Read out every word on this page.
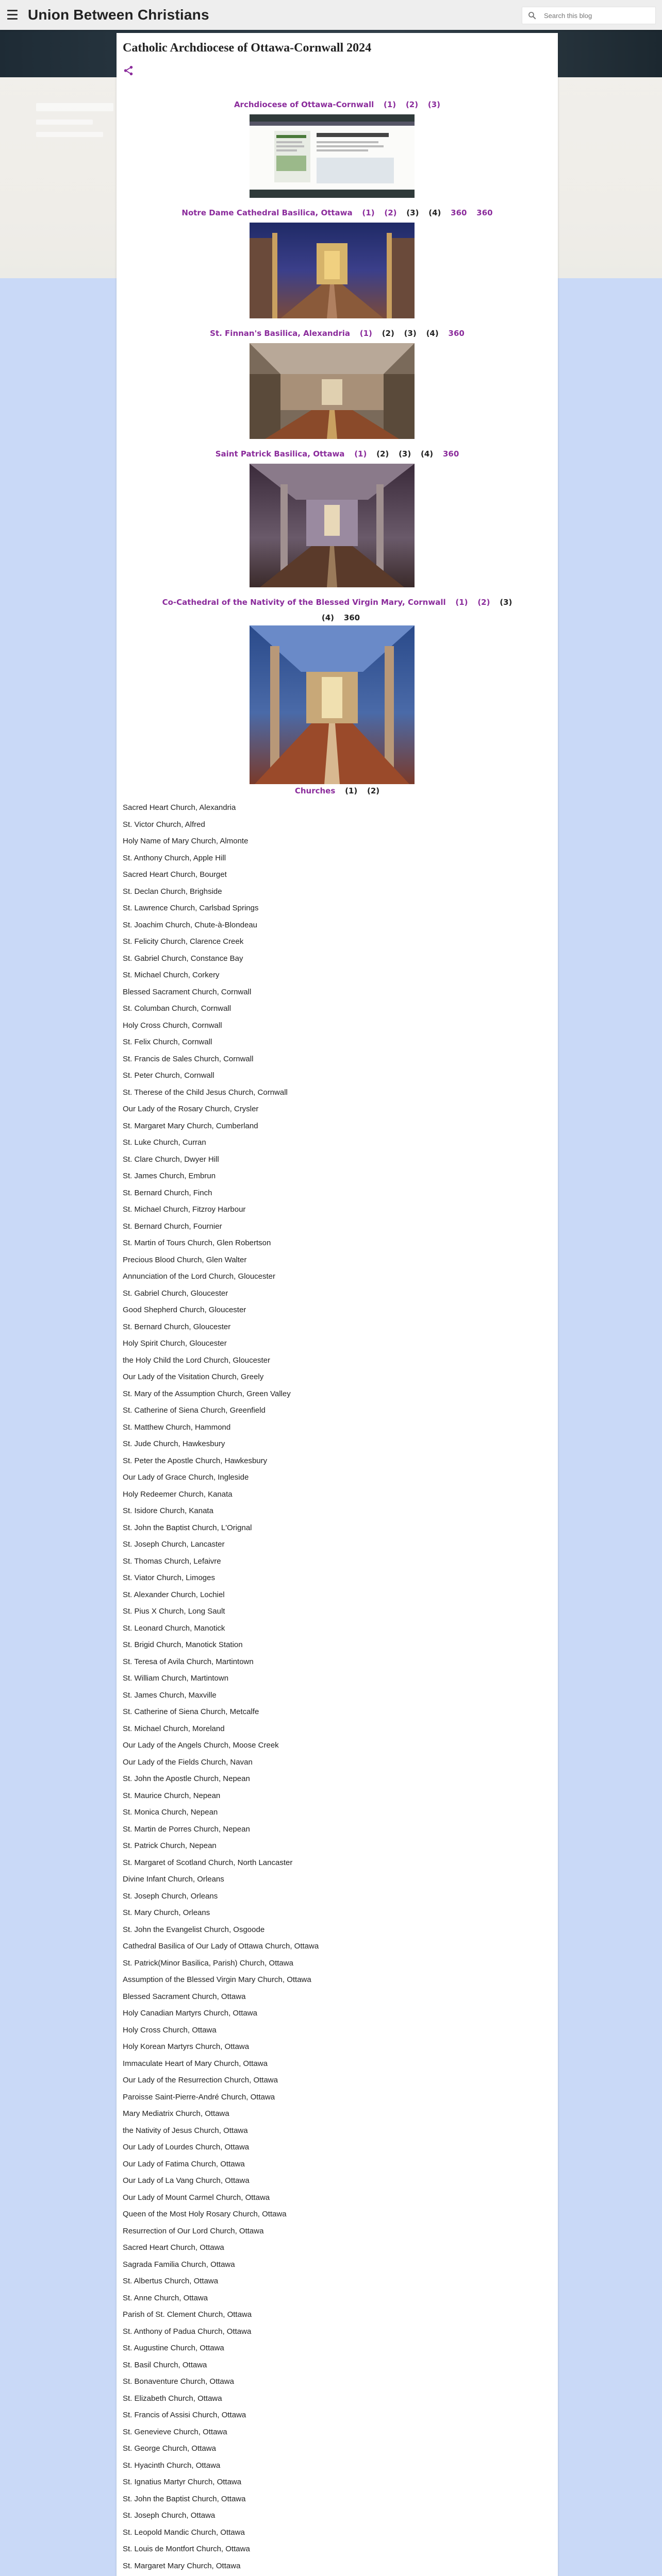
Union Between Christians
Search this blog
Catholic Archdiocese of Ottawa-Cornwall 2024
Archdiocese of Ottawa-Cornwall (1) (2) (3)
Notre Dame Cathedral Basilica, Ottawa (1) (2) (3) (4) 360 360
St. Finnan's Basilica, Alexandria (1) (2) (3) (4) 360
Saint Patrick Basilica, Ottawa (1) (2) (3) (4) 360
Co-Cathedral of the Nativity of the Blessed Virgin Mary, Cornwall (1) (2) (3)
(4) 360
Churches (1) (2)
Sacred Heart Church, Alexandria
St. Victor Church, Alfred
Holy Name of Mary Church, Almonte
St. Anthony Church, Apple Hill
Sacred Heart Church, Bourget
St. Declan Church, Brighside
St. Lawrence Church, Carlsbad Springs
St. Joachim Church, Chute-à-Blondeau
St. Felicity Church, Clarence Creek
St. Gabriel Church, Constance Bay
St. Michael Church, Corkery
Blessed Sacrament Church, Cornwall
St. Columban Church, Cornwall
Holy Cross Church, Cornwall
St. Felix Church, Cornwall
St. Francis de Sales Church, Cornwall
St. Peter Church, Cornwall
St. Therese of the Child Jesus Church, Cornwall
Our Lady of the Rosary Church, Crysler
St. Margaret Mary Church, Cumberland
St. Luke Church, Curran
St. Clare Church, Dwyer Hill
St. James Church, Embrun
St. Bernard Church, Finch
St. Michael Church, Fitzroy Harbour
St. Bernard Church, Fournier
St. Martin of Tours Church, Glen Robertson
Precious Blood Church, Glen Walter
Annunciation of the Lord Church, Gloucester
St. Gabriel Church, Gloucester
Good Shepherd Church, Gloucester
St. Bernard Church, Gloucester
Holy Spirit Church, Gloucester
the Holy Child the Lord Church, Gloucester
Our Lady of the Visitation Church, Greely
St. Mary of the Assumption Church, Green Valley
St. Catherine of Siena Church, Greenfield
St. Matthew Church, Hammond
St. Jude Church, Hawkesbury
St. Peter the Apostle Church, Hawkesbury
Our Lady of Grace Church, Ingleside
Holy Redeemer Church, Kanata
St. Isidore Church, Kanata
St. John the Baptist Church, L'Orignal
St. Joseph Church, Lancaster
St. Thomas Church, Lefaivre
St. Viator Church, Limoges
St. Alexander Church, Lochiel
St. Pius X Church, Long Sault
St. Leonard Church, Manotick
St. Brigid Church, Manotick Station
St. Teresa of Avila Church, Martintown
St. William Church, Martintown
St. James Church, Maxville
St. Catherine of Siena Church, Metcalfe
St. Michael Church, Moreland
Our Lady of the Angels Church, Moose Creek
Our Lady of the Fields Church, Navan
St. John the Apostle Church, Nepean
St. Maurice Church, Nepean
St. Monica Church, Nepean
St. Martin de Porres Church, Nepean
St. Patrick Church, Nepean
St. Margaret of Scotland Church, North Lancaster
Divine Infant Church, Orleans
St. Joseph Church, Orleans
St. Mary Church, Orleans
St. John the Evangelist Church, Osgoode
Cathedral Basilica of Our Lady of Ottawa Church, Ottawa
St. Patrick(Minor Basilica, Parish) Church, Ottawa
Assumption of the Blessed Virgin Mary Church, Ottawa
Blessed Sacrament Church, Ottawa
Holy Canadian Martyrs Church, Ottawa
Holy Cross Church, Ottawa
Holy Korean Martyrs Church, Ottawa
Immaculate Heart of Mary Church, Ottawa
Our Lady of the Resurrection Church, Ottawa
Paroisse Saint-Pierre-André Church, Ottawa
Mary Mediatrix Church, Ottawa
the Nativity of Jesus Church, Ottawa
Our Lady of Lourdes Church, Ottawa
Our Lady of Fatima Church, Ottawa
Our Lady of La Vang Church, Ottawa
Our Lady of Mount Carmel Church, Ottawa
Queen of the Most Holy Rosary Church, Ottawa
Resurrection of Our Lord Church, Ottawa
Sacred Heart Church, Ottawa
Sagrada Familia Church, Ottawa
St. Albertus Church, Ottawa
St. Anne Church, Ottawa
Parish of St. Clement Church, Ottawa
St. Anthony of Padua Church, Ottawa
St. Augustine Church, Ottawa
St. Basil Church, Ottawa
St. Bonaventure Church, Ottawa
St. Elizabeth Church, Ottawa
St. Francis of Assisi Church, Ottawa
St. Genevieve Church, Ottawa
St. George Church, Ottawa
St. Hyacinth Church, Ottawa
St. Ignatius Martyr Church, Ottawa
St. John the Baptist Church, Ottawa
St. Joseph Church, Ottawa
St. Leopold Mandic Church, Ottawa
St. Louis de Montfort Church, Ottawa
St. Margaret Mary Church, Ottawa
